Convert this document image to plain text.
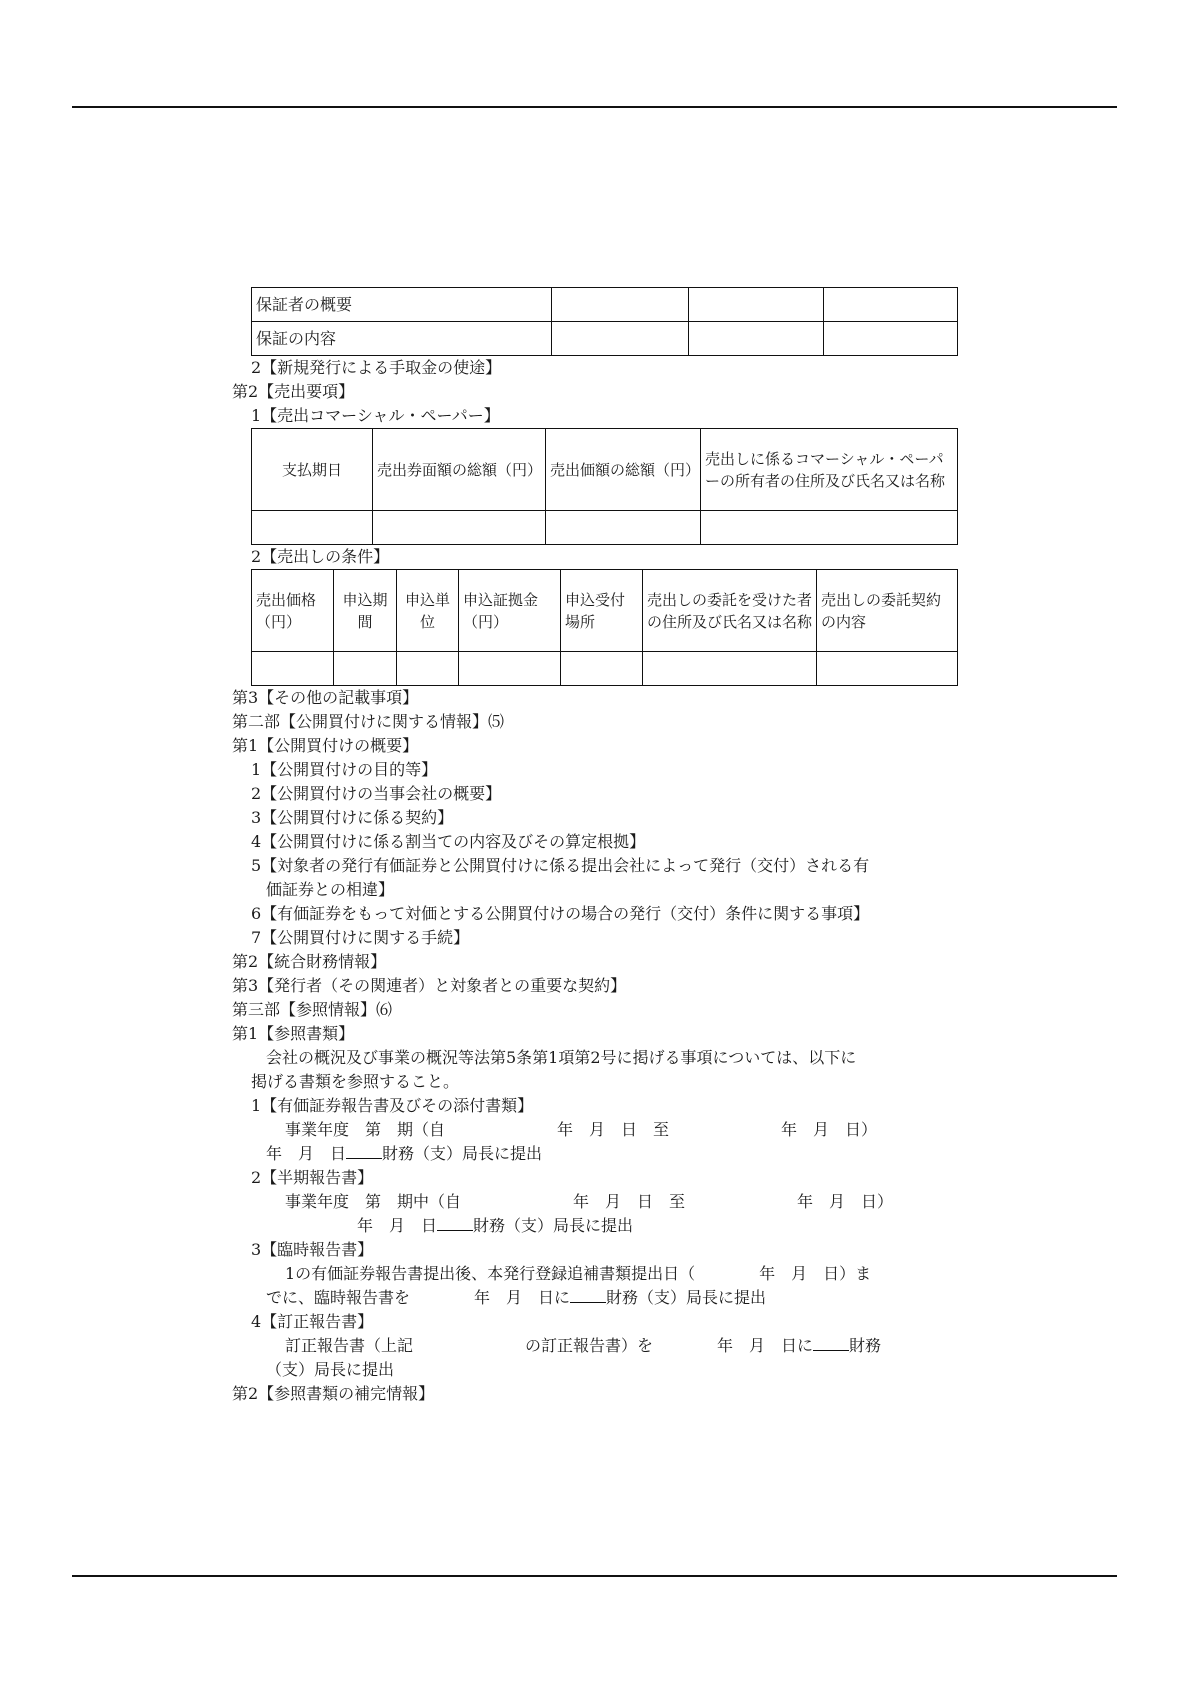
保証者の概要			
保証の内容			
2【新規発行による手取金の使途】
第2【売出要項】
1【売出コマーシャル・ペーパー】
支払期日	売出券面額の総額（円）	売出価額の総額（円）	売出しに係るコマーシャル・ペーパーの所有者の住所及び氏名又は名称

2【売出しの条件】
売出価格（円）	申込期間	申込単位	申込証拠金（円）	申込受付場所	売出しの委託を受けた者の住所及び氏名又は名称	売出しの委託契約の内容

第3【その他の記載事項】
第二部【公開買付けに関する情報】⑸
第1【公開買付けの概要】
1【公開買付けの目的等】
2【公開買付けの当事会社の概要】
3【公開買付けに係る契約】
4【公開買付けに係る割当ての内容及びその算定根拠】
5【対象者の発行有価証券と公開買付けに係る提出会社によって発行（交付）される有
価証券との相違】
6【有価証券をもって対価とする公開買付けの場合の発行（交付）条件に関する事項】
7【公開買付けに関する手続】
第2【統合財務情報】
第3【発行者（その関連者）と対象者との重要な契約】
第三部【参照情報】⑹
第1【参照書類】
会社の概況及び事業の概況等法第5条第1項第2号に掲げる事項については、以下に
掲げる書類を参照すること。
1【有価証券報告書及びその添付書類】
事業年度　第　期（自　　　　　　　年　月　日　至　　　　　　　年　月　日）
年　月　日 財務（支）局長に提出
2【半期報告書】
事業年度　第　期中（自　　　　　　　年　月　日　至　　　　　　　年　月　日）
年　月　日 財務（支）局長に提出
3【臨時報告書】
1の有価証券報告書提出後、本発行登録追補書類提出日（　　　　年　月　日）ま
でに、臨時報告書を　　　　年　月　日に 財務（支）局長に提出
4【訂正報告書】
訂正報告書（上記　　　　　　　の訂正報告書）を　　　　年　月　日に 財務
（支）局長に提出
第2【参照書類の補完情報】
